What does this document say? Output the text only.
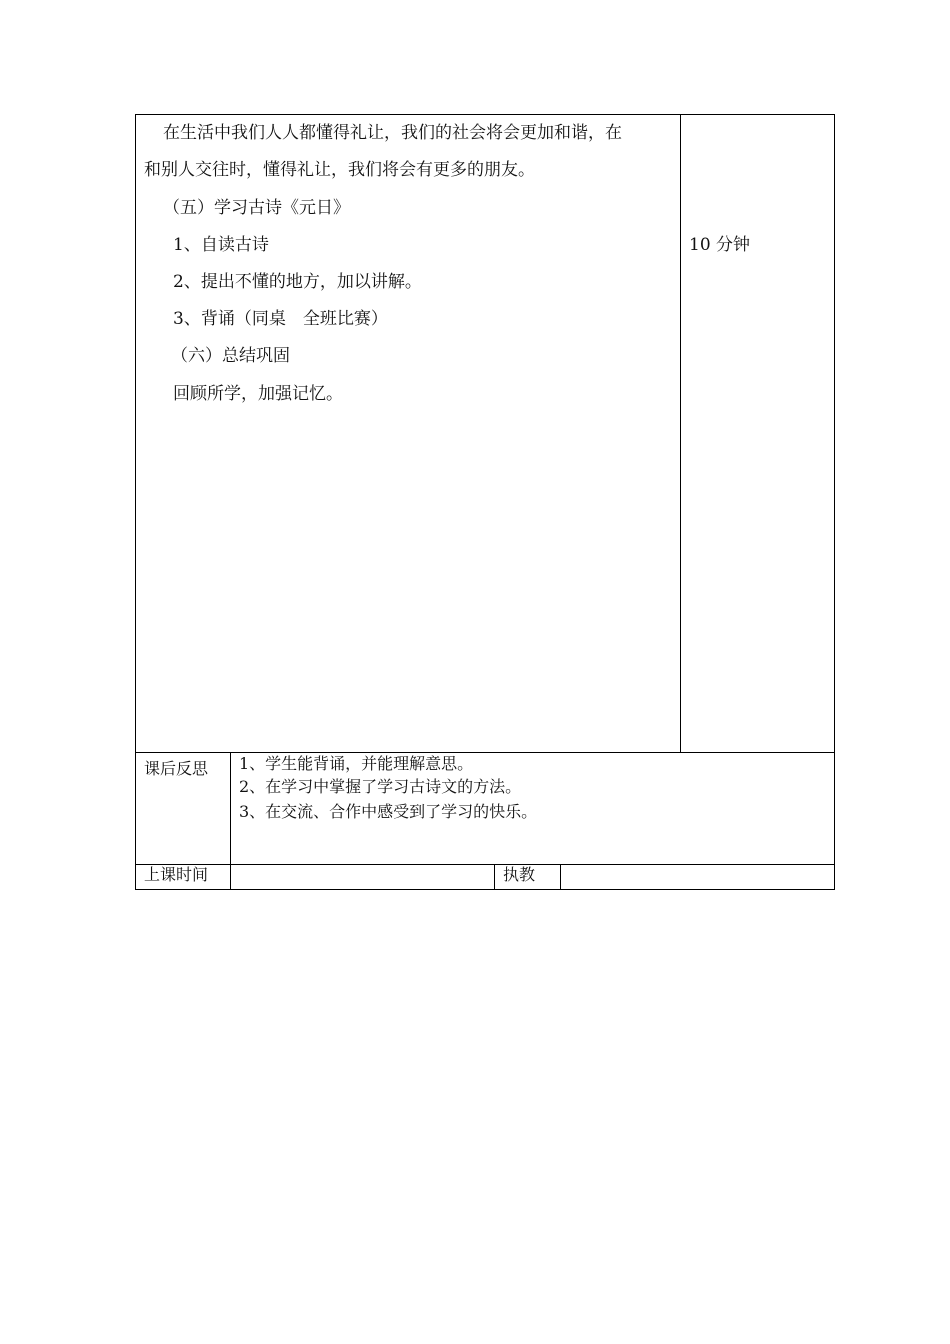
在生活中我们人人都懂得礼让，我们的社会将会更加和谐，在
和别人交往时，懂得礼让，我们将会有更多的朋友。
（五）学习古诗《元日》
1、自读古诗
2、提出不懂的地方，加以讲解。
3、背诵（同桌　全班比赛）
（六）总结巩固
回顾所学，加强记忆。
10 分钟
课后反思 1、学生能背诵，并能理解意思。
2、在学习中掌握了学习古诗文的方法。
3、在交流、合作中感受到了学习的快乐。
上课时间	执教
